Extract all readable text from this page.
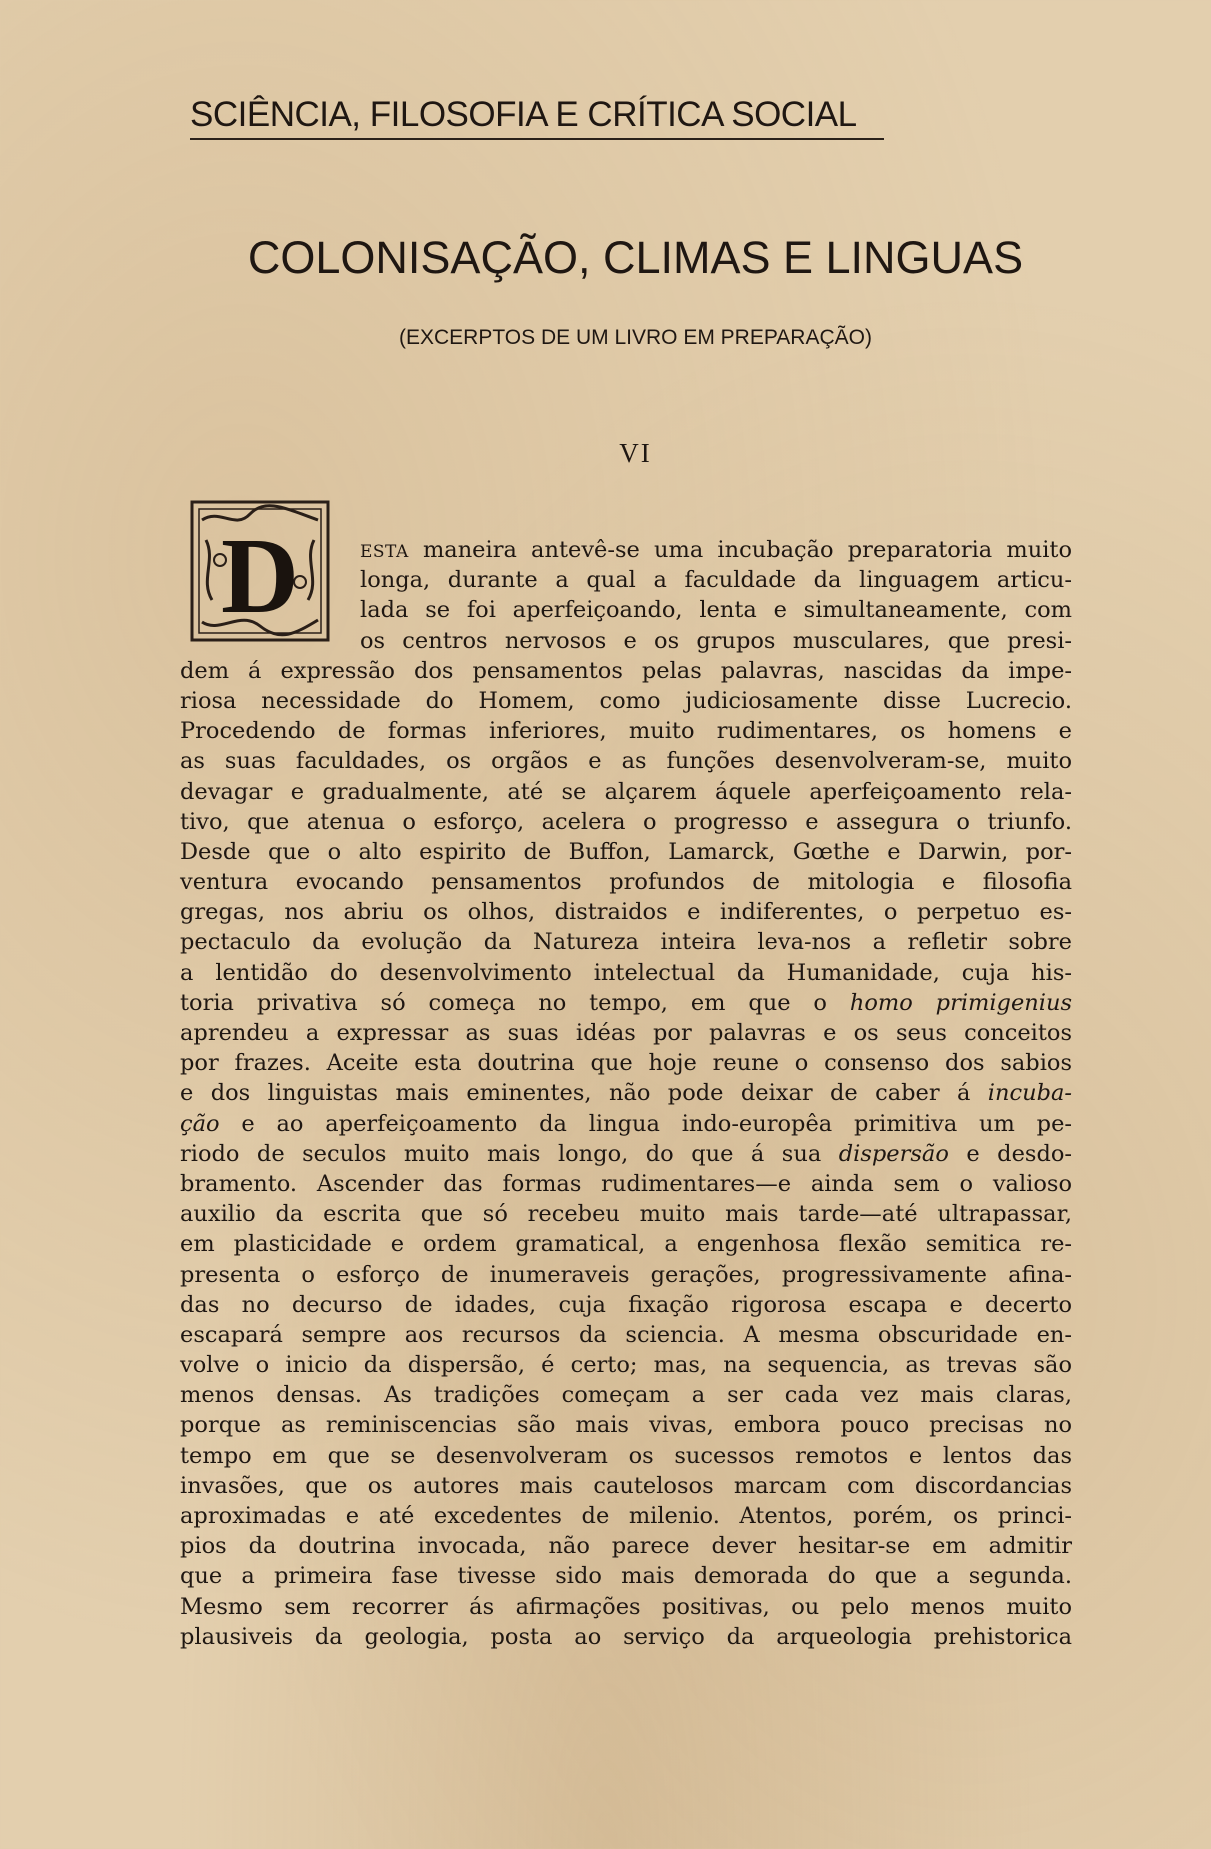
SCIÊNCIA, FILOSOFIA E CRÍTICA SOCIAL
COLONISAÇÃO, CLIMAS E LINGUAS
(EXCERPTOS DE UM LIVRO EM PREPARAÇÃO)
VI
D	ESTA maneira antevê-se uma incubação preparatoria muito
longa, durante a qual a faculdade da linguagem articu-
lada se foi aperfeiçoando, lenta e simultaneamente, com
os centros nervosos e os grupos musculares, que presi-
dem á expressão dos pensamentos pelas palavras, nascidas da impe-
riosa necessidade do Homem, como judiciosamente disse Lucrecio.
Procedendo de formas inferiores, muito rudimentares, os homens e
as suas faculdades, os orgãos e as funções desenvolveram-se, muito
devagar e gradualmente, até se alçarem áquele aperfeiçoamento rela-
tivo, que atenua o esforço, acelera o progresso e assegura o triunfo.
Desde que o alto espirito de Buffon, Lamarck, Gœthe e Darwin, por-
ventura evocando pensamentos profundos de mitologia e filosofia
gregas, nos abriu os olhos, distraidos e indiferentes, o perpetuo es-
pectaculo da evolução da Natureza inteira leva-nos a refletir sobre
a lentidão do desenvolvimento intelectual da Humanidade, cuja his-
toria privativa só começa no tempo, em que o homo primigenius
aprendeu a expressar as suas idéas por palavras e os seus conceitos
por frazes. Aceite esta doutrina que hoje reune o consenso dos sabios
e dos linguistas mais eminentes, não pode deixar de caber á incuba-
ção e ao aperfeiçoamento da lingua indo-europêa primitiva um pe-
riodo de seculos muito mais longo, do que á sua dispersão e desdo-
bramento. Ascender das formas rudimentares—e ainda sem o valioso
auxilio da escrita que só recebeu muito mais tarde—até ultrapassar,
em plasticidade e ordem gramatical, a engenhosa flexão semitica re-
presenta o esforço de inumeraveis gerações, progressivamente afina-
das no decurso de idades, cuja fixação rigorosa escapa e decerto
escapará sempre aos recursos da sciencia. A mesma obscuridade en-
volve o inicio da dispersão, é certo; mas, na sequencia, as trevas são
menos densas. As tradições começam a ser cada vez mais claras,
porque as reminiscencias são mais vivas, embora pouco precisas no
tempo em que se desenvolveram os sucessos remotos e lentos das
invasões, que os autores mais cautelosos marcam com discordancias
aproximadas e até excedentes de milenio. Atentos, porém, os princi-
pios da doutrina invocada, não parece dever hesitar-se em admitir
que a primeira fase tivesse sido mais demorada do que a segunda.
Mesmo sem recorrer ás afirmações positivas, ou pelo menos muito
plausiveis da geologia, posta ao serviço da arqueologia prehistorica
